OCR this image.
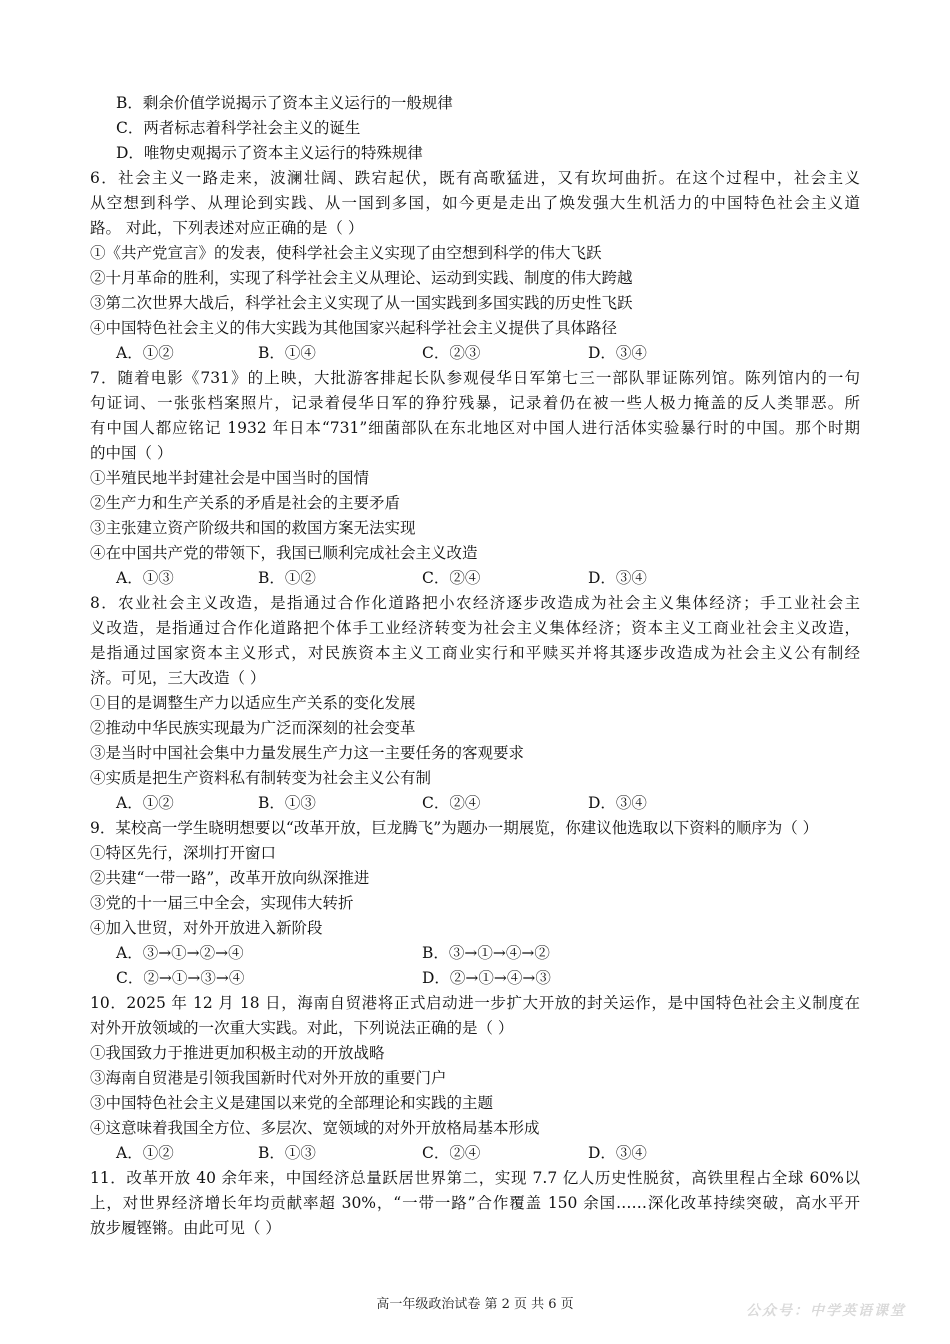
B．剩余价值学说揭示了资本主义运行的一般规律
C．两者标志着科学社会主义的诞生
D．唯物史观揭示了资本主义运行的特殊规律
6．社会主义一路走来，波澜壮阔、跌宕起伏，既有高歌猛进，又有坎坷曲折。在这个过程中，社会主义
从空想到科学、从理论到实践、从一国到多国，如今更是走出了焕发强大生机活力的中国特色社会主义道
路。 对此，下列表述对应正确的是（ ）
①《共产党宣言》的发表，使科学社会主义实现了由空想到科学的伟大飞跃
②十月革命的胜利，实现了科学社会主义从理论、运动到实践、制度的伟大跨越
③第二次世界大战后，科学社会主义实现了从一国实践到多国实践的历史性飞跃
④中国特色社会主义的伟大实践为其他国家兴起科学社会主义提供了具体路径
A．①②	B．①④	C．②③	D．③④
7．随着电影《731》的上映，大批游客排起长队参观侵华日军第七三一部队罪证陈列馆。陈列馆内的一句
句证词、一张张档案照片，记录着侵华日军的狰狞残暴，记录着仍在被一些人极力掩盖的反人类罪恶。所
有中国人都应铭记 1932 年日本“731”细菌部队在东北地区对中国人进行活体实验暴行时的中国。那个时期
的中国（ ）
①半殖民地半封建社会是中国当时的国情
②生产力和生产关系的矛盾是社会的主要矛盾
③主张建立资产阶级共和国的救国方案无法实现
④在中国共产党的带领下，我国已顺利完成社会主义改造
A．①③	B．①②	C．②④	D．③④
8．农业社会主义改造，是指通过合作化道路把小农经济逐步改造成为社会主义集体经济；手工业社会主
义改造，是指通过合作化道路把个体手工业经济转变为社会主义集体经济；资本主义工商业社会主义改造，
是指通过国家资本主义形式，对民族资本主义工商业实行和平赎买并将其逐步改造成为社会主义公有制经
济。可见，三大改造（ ）
①目的是调整生产力以适应生产关系的变化发展
②推动中华民族实现最为广泛而深刻的社会变革
③是当时中国社会集中力量发展生产力这一主要任务的客观要求
④实质是把生产资料私有制转变为社会主义公有制
A．①②	B．①③	C．②④	D．③④
9．某校高一学生晓明想要以“改革开放，巨龙腾飞”为题办一期展览，你建议他选取以下资料的顺序为（ ）
①特区先行，深圳打开窗口
②共建“一带一路”，改革开放向纵深推进
③党的十一届三中全会，实现伟大转折
④加入世贸，对外开放进入新阶段
A．③→①→②→④	B．③→①→④→②
C．②→①→③→④	D．②→①→④→③
10．2025 年 12 月 18 日，海南自贸港将正式启动进一步扩大开放的封关运作，是中国特色社会主义制度在
对外开放领域的一次重大实践。对此，下列说法正确的是（ ）
①我国致力于推进更加积极主动的开放战略
③海南自贸港是引领我国新时代对外开放的重要门户
③中国特色社会主义是建国以来党的全部理论和实践的主题
④这意味着我国全方位、多层次、宽领域的对外开放格局基本形成
A．①②	B．①③	C．②④	D．③④
11．改革开放 40 余年来，中国经济总量跃居世界第二，实现 7.7 亿人历史性脱贫，高铁里程占全球 60%以
上，对世界经济增长年均贡献率超 30%，“一带一路”合作覆盖 150 余国……深化改革持续突破，高水平开
放步履铿锵。由此可见（ ）
高一年级政治试卷 第 2 页 共 6 页	公众号：中学英语课堂
